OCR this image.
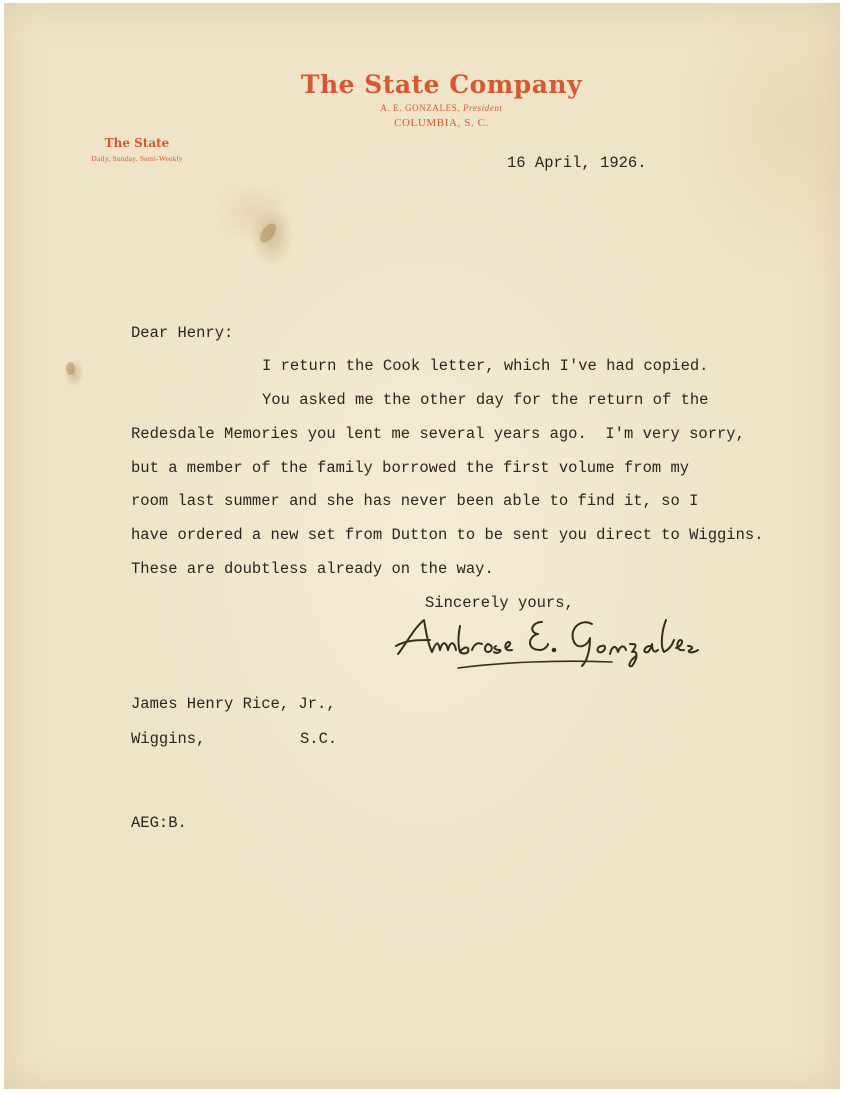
The State Company

A. E. GONZALES, President

COLUMBIA, S. C.

The State

Daily, Sunday, Semi-Weekly	16 April, 1926.

Dear Henry:

I return the Cook letter, which I've had copied.

You asked me the other day for the return of the

Redesdale Memories you lent me several years ago.  I'm very sorry,

but a member of the family borrowed the first volume from my

room last summer and she has never been able to find it, so I

have ordered a new set from Dutton to be sent you direct to Wiggins.

These are doubtless already on the way.

Sincerely yours,

James Henry Rice, Jr.,

Wiggins,	S.C.

AEG:B.
